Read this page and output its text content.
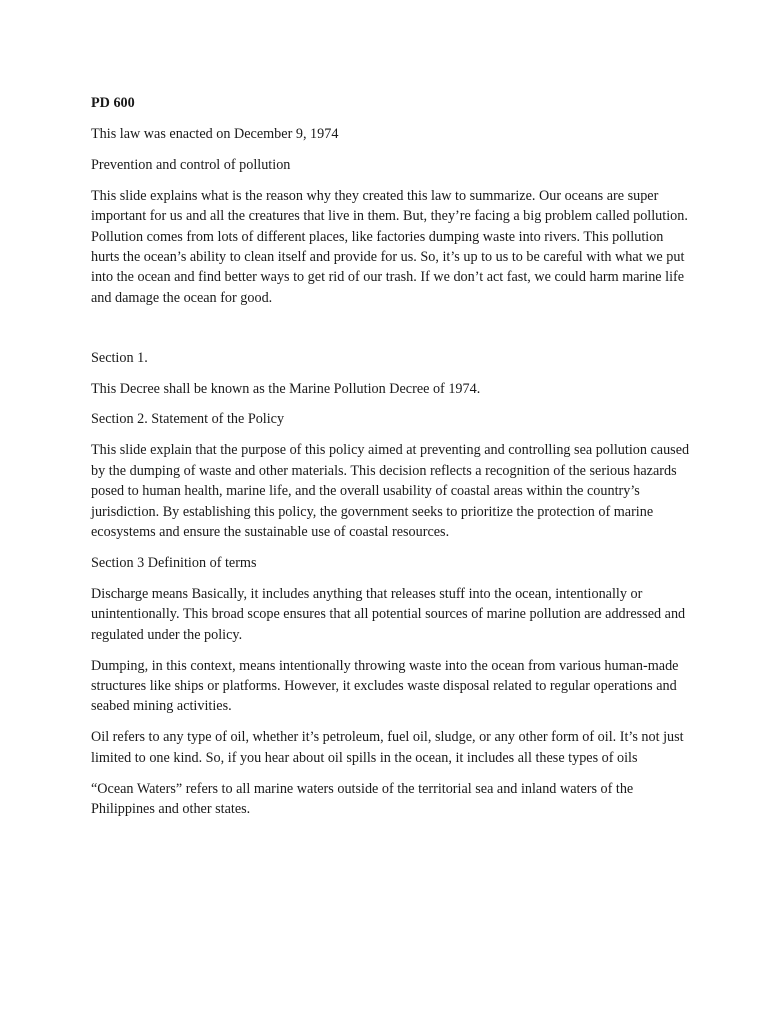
PD 600

This law was enacted on December 9, 1974

Prevention and control of pollution

This slide explains what is the reason why they created this law to summarize. Our oceans are super important for us and all the creatures that live in them. But, they’re facing a big problem called pollution. Pollution comes from lots of different places, like factories dumping waste into rivers. This pollution hurts the ocean’s ability to clean itself and provide for us. So, it’s up to us to be careful with what we put into the ocean and find better ways to get rid of our trash. If we don’t act fast, we could harm marine life and damage the ocean for good.

Section 1.

This Decree shall be known as the Marine Pollution Decree of 1974.

Section 2. Statement of the Policy

This slide explain that the purpose of this policy aimed at preventing and controlling sea pollution caused by the dumping of waste and other materials. This decision reflects a recognition of the serious hazards posed to human health, marine life, and the overall usability of coastal areas within the country’s jurisdiction. By establishing this policy, the government seeks to prioritize the protection of marine ecosystems and ensure the sustainable use of coastal resources.

Section 3 Definition of terms

Discharge means Basically, it includes anything that releases stuff into the ocean, intentionally or unintentionally. This broad scope ensures that all potential sources of marine pollution are addressed and regulated under the policy.

Dumping, in this context, means intentionally throwing waste into the ocean from various human-made structures like ships or platforms. However, it excludes waste disposal related to regular operations and seabed mining activities.

Oil refers to any type of oil, whether it’s petroleum, fuel oil, sludge, or any other form of oil. It’s not just limited to one kind. So, if you hear about oil spills in the ocean, it includes all these types of oils

“Ocean Waters” refers to all marine waters outside of the territorial sea and inland waters of the Philippines and other states.
